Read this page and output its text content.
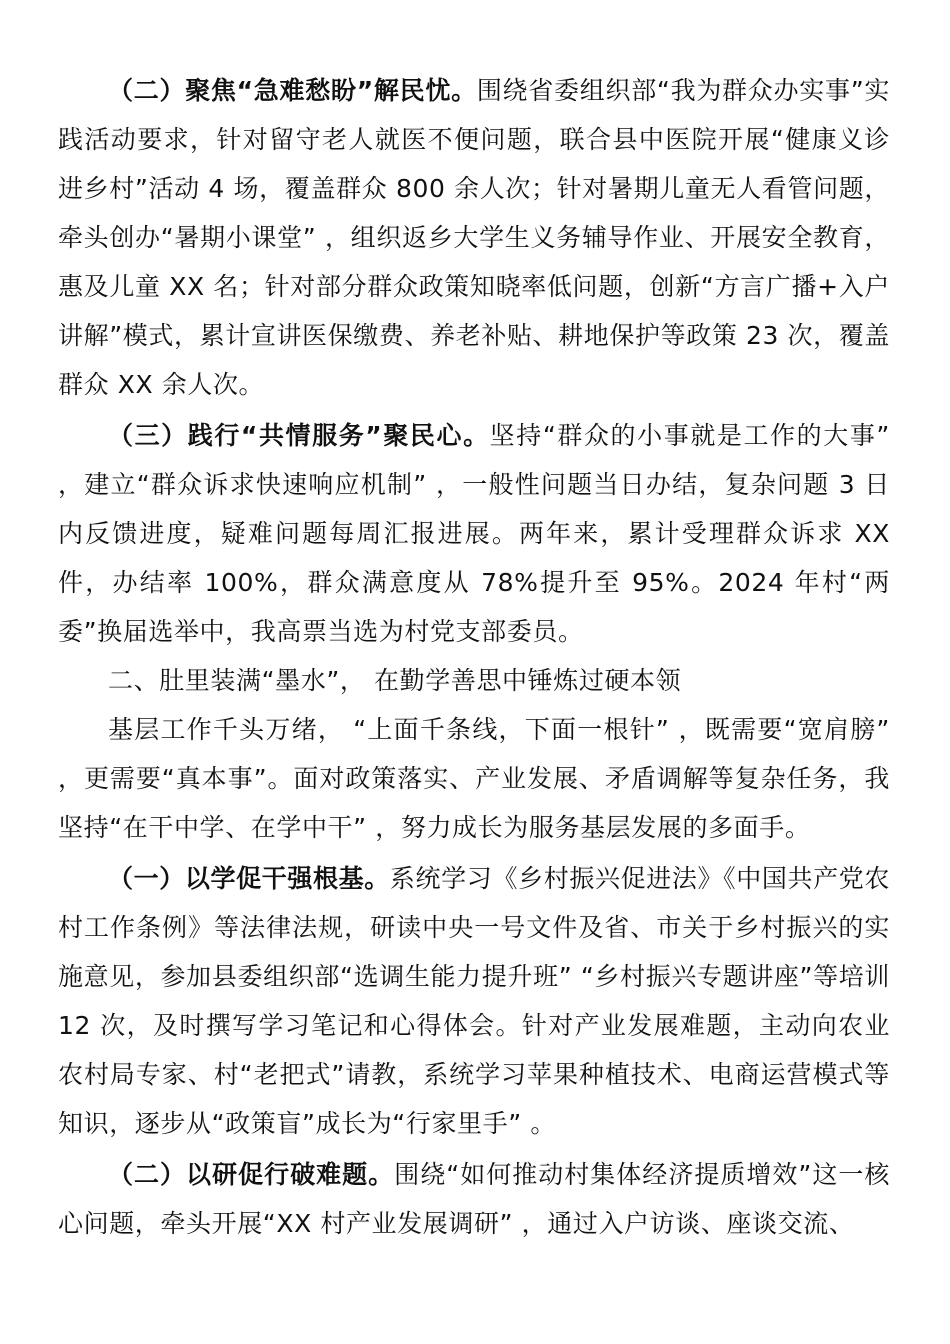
（二）聚焦“急难愁盼”解民忧。围绕省委组织部“我为群众办实事”实践活动要求，针对留守老人就医不便问题，联合县中医院开展“健康义诊进乡村”活动 4 场，覆盖群众 800 余人次；针对暑期儿童无人看管问题，牵头创办“暑期小课堂” ，组织返乡大学生义务辅导作业、开展安全教育，惠及儿童 XX 名；针对部分群众政策知晓率低问题，创新“方言广播+入户讲解”模式，累计宣讲医保缴费、养老补贴、耕地保护等政策 23 次，覆盖群众 XX 余人次。

（三）践行“共情服务”聚民心。坚持“群众的小事就是工作的大事” ，建立“群众诉求快速响应机制” ，一般性问题当日办结，复杂问题 3 日内反馈进度，疑难问题每周汇报进展。两年来，累计受理群众诉求 XX 件，办结率 100%，群众满意度从 78%提升至 95%。2024 年村“两委”换届选举中，我高票当选为村党支部委员。

二、肚里装满“墨水”， 在勤学善思中锤炼过硬本领

基层工作千头万绪， “上面千条线，下面一根针” ，既需要“宽肩膀” ，更需要“真本事”。面对政策落实、产业发展、矛盾调解等复杂任务，我坚持“在干中学、在学中干” ，努力成长为服务基层发展的多面手。

（一）以学促干强根基。系统学习《乡村振兴促进法》《中国共产党农村工作条例》等法律法规，研读中央一号文件及省、市关于乡村振兴的实施意见，参加县委组织部“选调生能力提升班” “乡村振兴专题讲座”等培训 12 次，及时撰写学习笔记和心得体会。针对产业发展难题，主动向农业农村局专家、村“老把式”请教，系统学习苹果种植技术、电商运营模式等知识，逐步从“政策盲”成长为“行家里手” 。

（二）以研促行破难题。围绕“如何推动村集体经济提质增效”这一核心问题，牵头开展“XX 村产业发展调研” ，通过入户访谈、座谈交流、
